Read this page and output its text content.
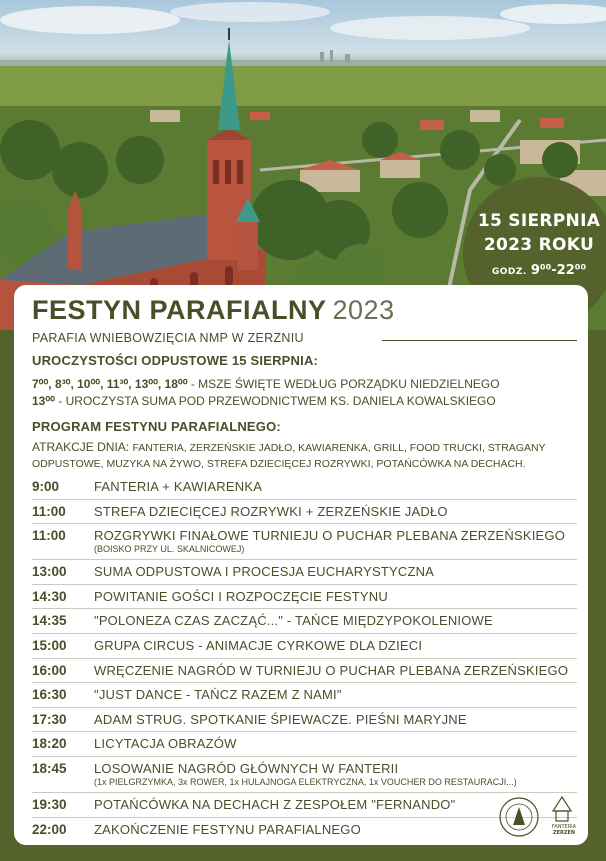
15 SIERPNIA
2023 ROKU
GODZ. 9⁰⁰-22⁰⁰
FESTYN PARAFIALNY 2023
PARAFIA WNIEBOWZIĘCIA NMP W ZERZNIU
UROCZYSTOŚCI ODPUSTOWE 15 SIERPNIA:
7⁰⁰, 8³⁰, 10⁰⁰, 11³⁰, 13⁰⁰, 18⁰⁰ - MSZE ŚWIĘTE WEDŁUG PORZĄDKU NIEDZIELNEGO
13⁰⁰ - UROCZYSTA SUMA POD PRZEWODNICTWEM KS. DANIELA KOWALSKIEGO
PROGRAM FESTYNU PARAFIALNEGO:
ATRAKCJE DNIA: FANTERIA, ZERZEŃSKIE JADŁO, KAWIARENKA, GRILL, FOOD TRUCKI, STRAGANY ODPUSTOWE, MUZYKA NA ŻYWO, STREFA DZIECIĘCEJ ROZRYWKI, POTAŃCÓWKA NA DECHACH.
9:00	FANTERIA + KAWIARENKA
11:00 STREFA DZIECIĘCEJ ROZRYWKI + ZERZEŃSKIE JADŁO
11:00 ROZGRYWKI FINAŁOWE TURNIEJU O PUCHAR PLEBANA ZERZEŃSKIEGO
(BOISKO PRZY UL. SKALNICOWEJ)
13:00 SUMA ODPUSTOWA I PROCESJA EUCHARYSTYCZNA
14:30 POWITANIE GOŚCI I ROZPOCZĘCIE FESTYNU
14:35 "POLONEZA CZAS ZACZĄĆ..." - TAŃCE MIĘDZYPOKOLENIOWE
15:00 GRUPA CIRCUS - ANIMACJE CYRKOWE DLA DZIECI
16:00 WRĘCZENIE NAGRÓD W TURNIEJU O PUCHAR PLEBANA ZERZEŃSKIEGO
16:30 "JUST DANCE - TAŃCZ RAZEM Z NAMI"
17:30 ADAM STRUG. SPOTKANIE ŚPIEWACZE. PIEŚNI MARYJNE
18:20 LICYTACJA OBRAZÓW
18:45 LOSOWANIE NAGRÓD GŁÓWNYCH W FANTERII
(1x PIELGRZYMKA, 3x ROWER, 1x HULAJNOGA ELEKTRYCZNA, 1x VOUCHER DO RESTAURACJI...)
19:30 POTAŃCÓWKA NA DECHACH Z ZESPOŁEM "FERNANDO"
22:00 ZAKOŃCZENIE FESTYNU PARAFIALNEGO	FANTERIA
ZERZEŃ
